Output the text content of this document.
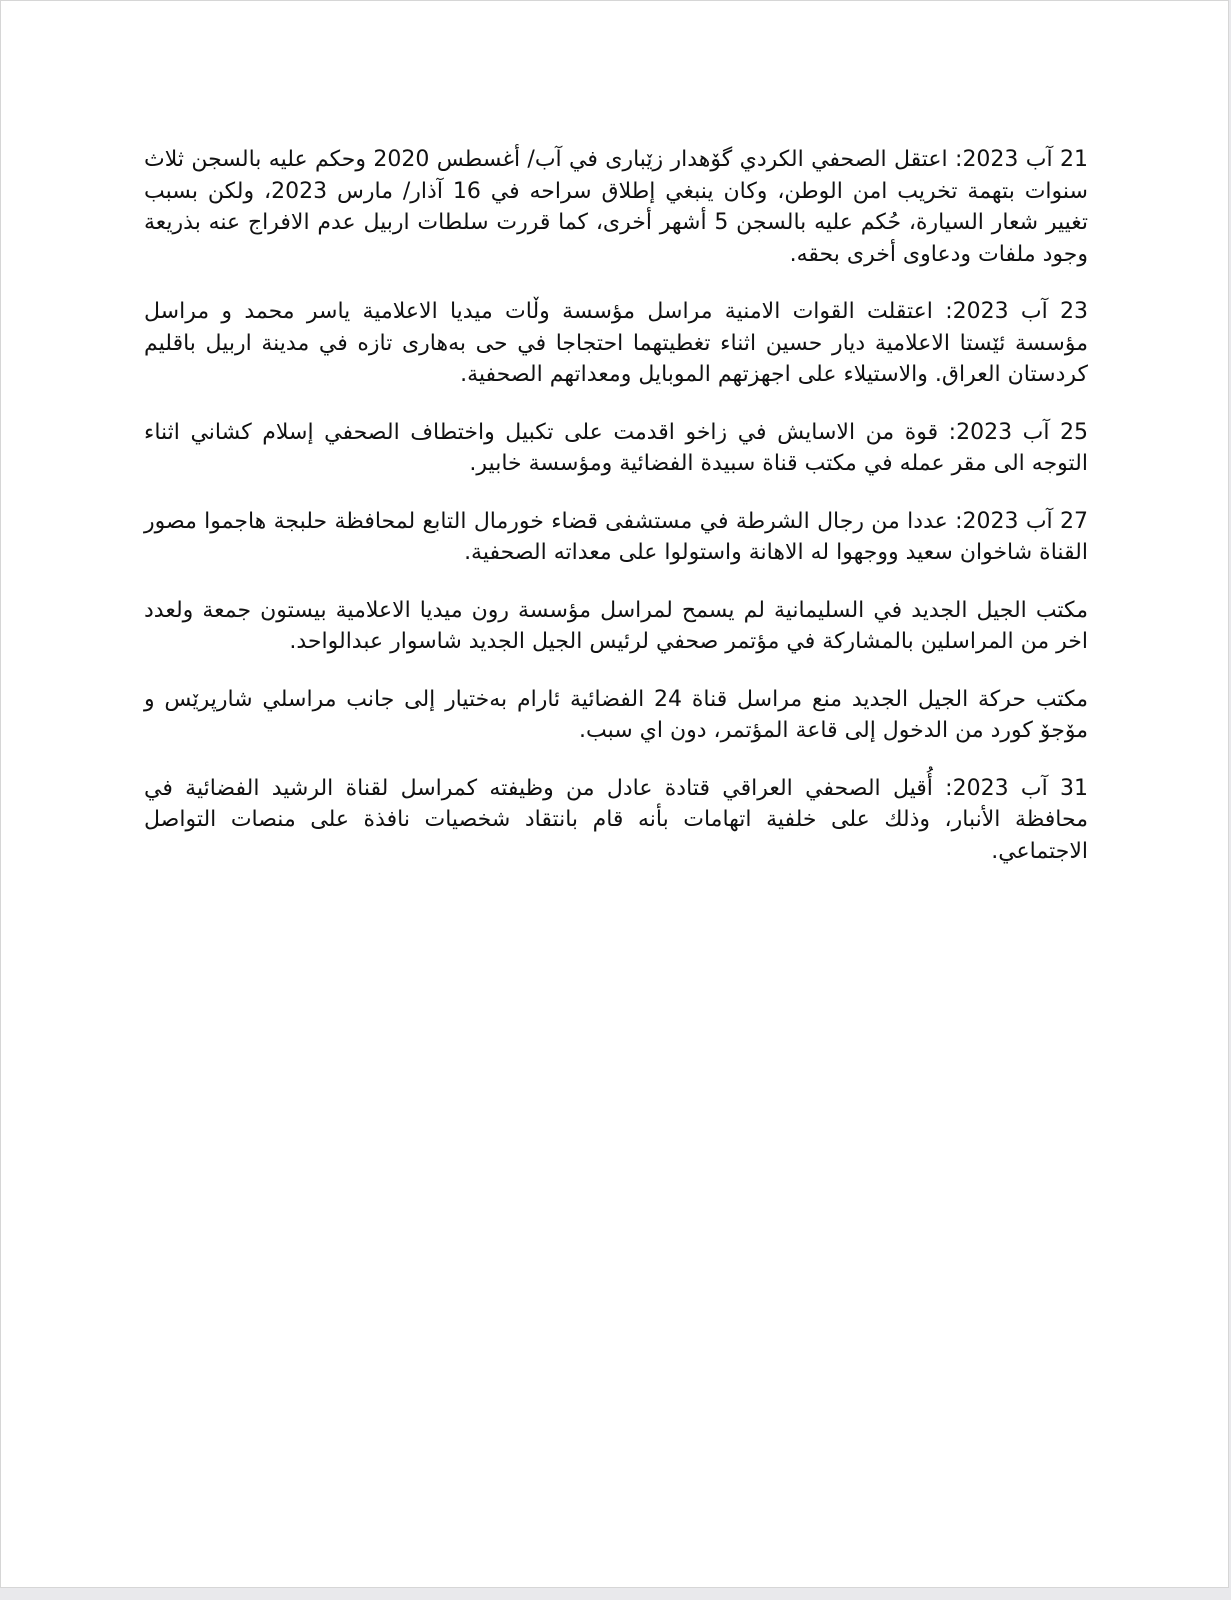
21 آب 2023: اعتقل الصحفي الكردي گۆهدار زێباری في آب/ أغسطس 2020 وحكم عليه بالسجن ثلاث سنوات بتهمة تخريب امن الوطن، وكان ينبغي إطلاق سراحه في 16 آذار/ مارس 2023، ولكن بسبب تغيير شعار السيارة، حُكم عليه بالسجن 5 أشهر أخرى، كما قررت سلطات اربيل عدم الافراج عنه بذريعة وجود ملفات ودعاوى أخرى بحقه.

23 آب 2023: اعتقلت القوات الامنية مراسل مؤسسة وڵات ميديا الاعلامية ياسر محمد و مراسل مؤسسة ئێستا الاعلامية ديار حسين اثناء تغطيتهما احتجاجا في حی بەهاری تازە في مدينة اربيل باقليم كردستان العراق. والاستيلاء على اجهزتهم الموبايل ومعداتهم الصحفية.

25 آب 2023: قوة من الاسايش في زاخو اقدمت على تكبيل واختطاف الصحفي إسلام كشاني اثناء التوجه الى مقر عمله في مكتب قناة سبيدة الفضائية ومؤسسة خابير.

27 آب 2023: عددا من رجال الشرطة في مستشفى قضاء خورمال التابع لمحافظة حلبجة هاجموا مصور القناة شاخوان سعيد ووجهوا له الاهانة واستولوا على معداته الصحفية.

مكتب الجيل الجديد في السليمانية لم يسمح لمراسل مؤسسة رون ميديا الاعلامية بيستون جمعة ولعدد اخر من المراسلين بالمشاركة في مؤتمر صحفي لرئيس الجيل الجديد شاسوار عبدالواحد.

مكتب حركة الجيل الجديد منع مراسل قناة 24 الفضائية ئارام بەختيار إلى جانب مراسلي شارپرێس و مۆجۆ كورد من الدخول إلى قاعة المؤتمر، دون اي سبب.

31 آب 2023: أُقيل الصحفي العراقي قتادة عادل من وظيفته كمراسل لقناة الرشيد الفضائية في محافظة الأنبار، وذلك على خلفية اتهامات بأنه قام بانتقاد شخصيات نافذة على منصات التواصل الاجتماعي.
